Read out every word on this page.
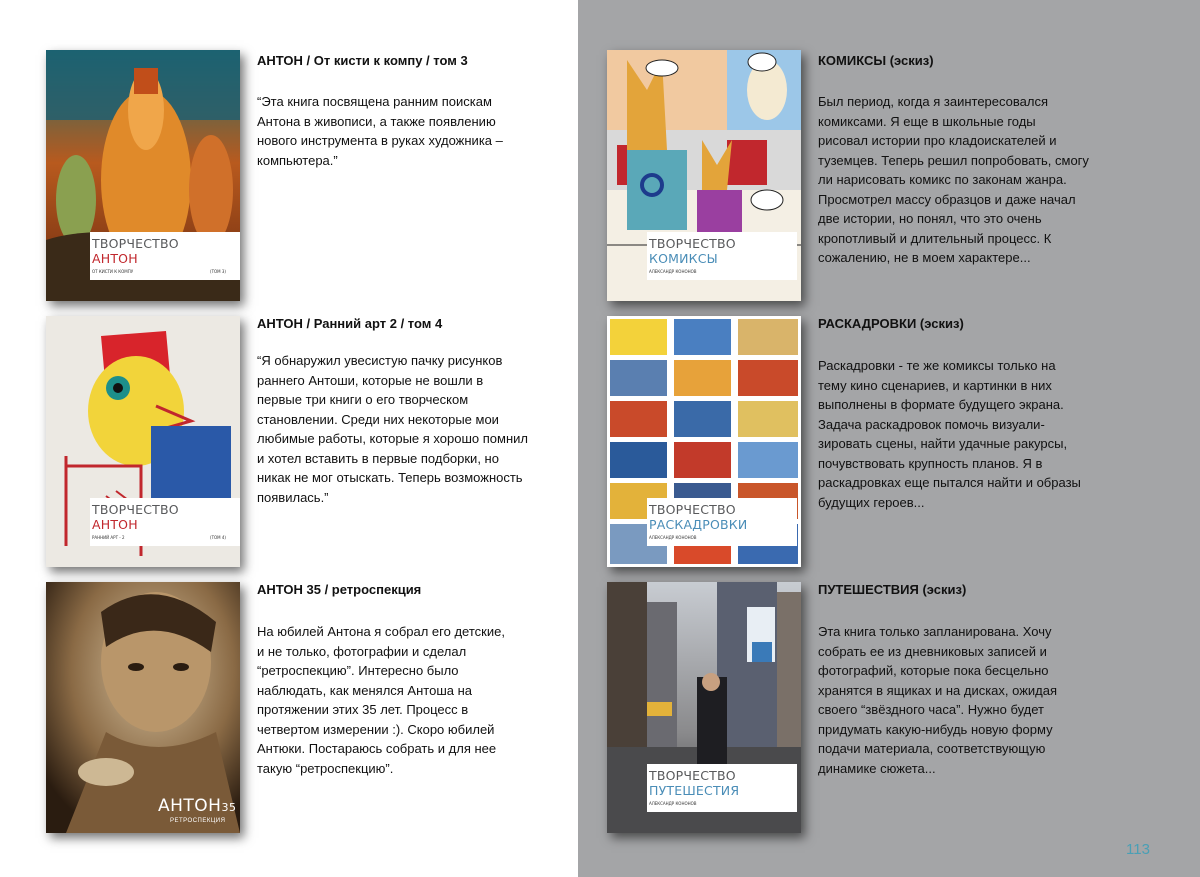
ТВОРЧЕСТВО
АНТОН
ОТ КИСТИ К КОМПУ	(ТОМ 3)
АНТОН / От кисти к компу / том 3
“Эта книга посвящена ранним поискам
Антона в живописи, а также появлению
нового инструмента в руках художника –
компьютера.”
ТВОРЧЕСТВО
АНТОН
РАННИЙ АРТ - 2	(ТОМ 4)
АНТОН / Ранний арт 2 / том 4
“Я обнаружил увесистую пачку рисунков
раннего Антоши, которые не вошли в
первые три книги о его творческом
становлении. Среди них некоторые мои
любимые работы, которые я хорошо помнил
и хотел вставить в первые подборки, но
никак не мог отыскать. Теперь возможность
появилась.”
АНТОН35
РЕТРОСПЕКЦИЯ
АНТОН 35 / ретроспекция
На юбилей Антона я собрал его детские,
и не только, фотографии и сделал
“ретроспекцию”. Интересно было
наблюдать, как менялся Антоша на
протяжении этих 35 лет. Процесс в
четвертом измерении :). Скоро юбилей
Антюки. Постараюсь собрать и для нее
такую “ретроспекцию”.
ТВОРЧЕСТВО
КОМИКСЫ
АЛЕКСАНДР КОНОНОВ
КОМИКСЫ (эскиз)
Был период, когда я заинтересовался
комиксами. Я еще в школьные годы
рисовал истории про кладоискателей и
туземцев. Теперь решил попробовать, смогу
ли нарисовать комикс по законам жанра.
Просмотрел массу образцов и даже начал
две истории, но понял, что это очень
кропотливый и длительный процесс. К
сожалению, не в моем характере...
ТВОРЧЕСТВО
РАСКАДРОВКИ
АЛЕКСАНДР КОНОНОВ
РАСКАДРОВКИ (эскиз)
Раскадровки - те же комиксы только на
тему кино сценариев, и картинки в них
выполнены в формате будущего экрана.
Задача раскадровок помочь визуали-
зировать сцены, найти удачные ракурсы,
почувствовать крупность планов. Я в
раскадровках еще пытался найти и образы
будущих героев...
ТВОРЧЕСТВО
ПУТЕШЕСТИЯ
АЛЕКСАНДР КОНОНОВ
ПУТЕШЕСТВИЯ (эскиз)
Эта книга только запланирована. Хочу
собрать ее из дневниковых записей и
фотографий, которые пока бесцельно
хранятся в ящиках и на дисках, ожидая
своего “звёздного часа”. Нужно будет
придумать какую-нибудь новую форму
подачи материала, соответствующую
динамике сюжета...
113
